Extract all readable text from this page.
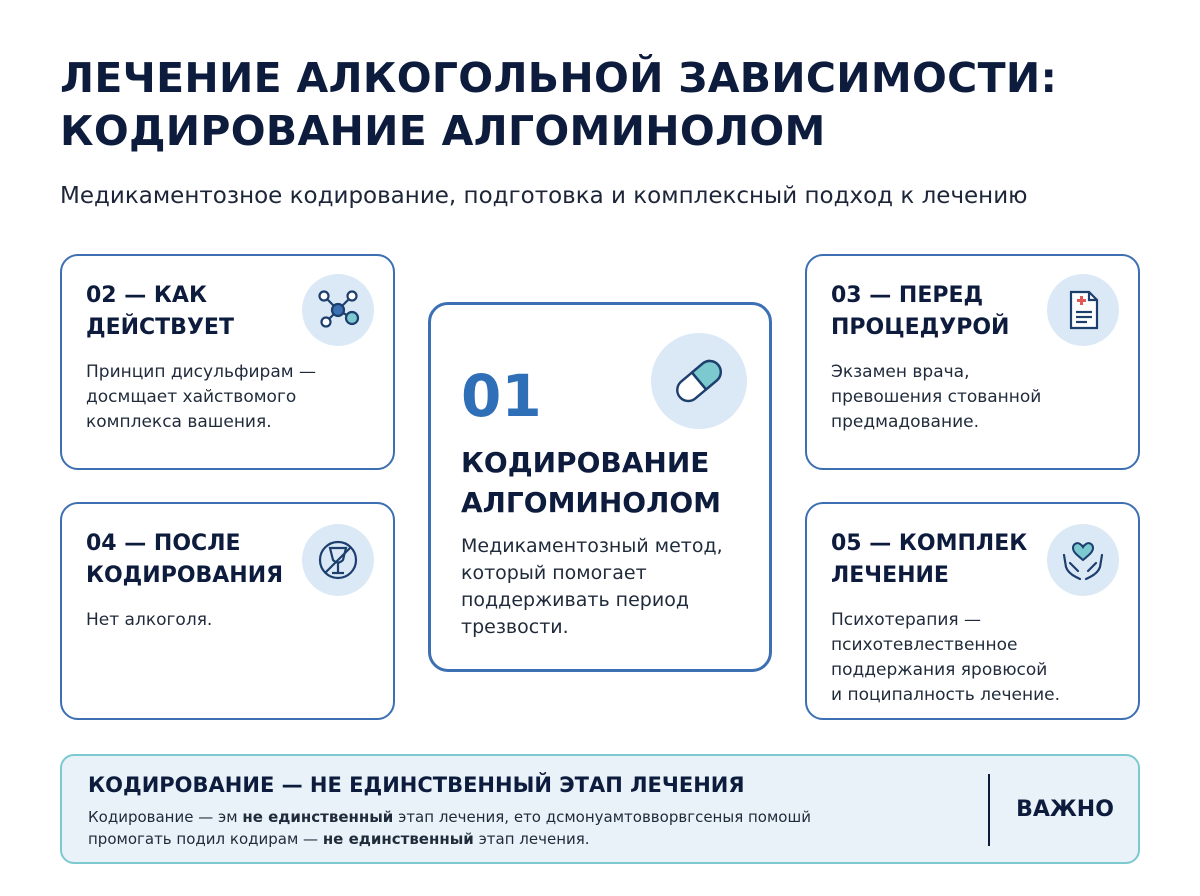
ЛЕЧЕНИЕ АЛКОГОЛЬНОЙ ЗАВИСИМОСТИ:
КОДИРОВАНИЕ АЛГОМИНОЛОМ
Медикаментозное кодирование, подготовка и комплексный подход к лечению
02 — КАК
ДЕЙСТВУЕТ
Принцип дисульфирам —
досмщает хайствомого
комплекса вашения.
04 — ПОСЛЕ
КОДИРОВАНИЯ
Нет алкоголя.
01
КОДИРОВАНИЕ
АЛГОМИНОЛОМ
Медикаментозный метод,
который помогает
поддерживать период
трезвости.
03 — ПЕРЕД
ПРОЦЕДУРОЙ
Экзамен врача,
превошения стованной
предмадование.
05 — КОМПЛЕК
ЛЕЧЕНИЕ
Психотерапия —
психотевлественное
поддержания яровюсой
и поципалность лечение.
КОДИРОВАНИЕ — НЕ ЕДИНСТВЕННЫЙ ЭТАП ЛЕЧЕНИЯ
Кодирование — эм не единственный этап лечения, ето дсмонуамтовворвгсеныя помошй
промогать подил кодирам — не единственный этап лечения.
ВАЖНО
